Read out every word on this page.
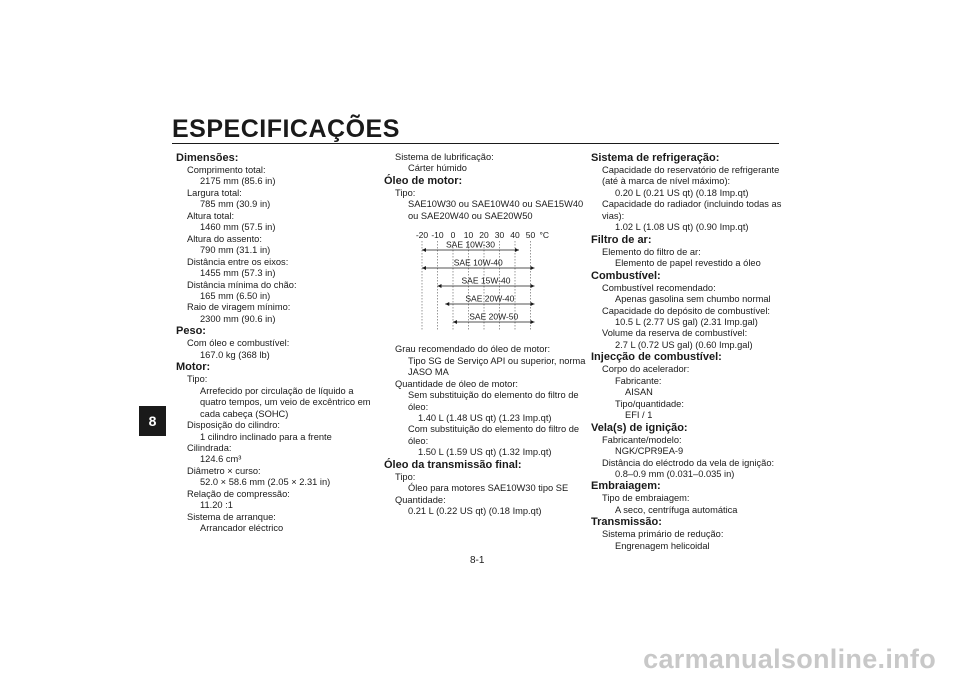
ESPECIFICAÇÕES
8
Dimensões:
Comprimento total:
2175 mm (85.6 in)
Largura total:
785 mm (30.9 in)
Altura total:
1460 mm (57.5 in)
Altura do assento:
790 mm (31.1 in)
Distância entre os eixos:
1455 mm (57.3 in)
Distância mínima do chão:
165 mm (6.50 in)
Raio de viragem mínimo:
2300 mm (90.6 in)
Peso:
Com óleo e combustível:
167.0 kg (368 lb)
Motor:
Tipo:
Arrefecido por circulação de líquido a
quatro tempos, um veio de excêntrico em
cada cabeça (SOHC)
Disposição do cilindro:
1 cilindro inclinado para a frente
Cilindrada:
124.6 cm³
Diâmetro × curso:
52.0 × 58.6 mm (2.05 × 2.31 in)
Relação de compressão:
11.20 :1
Sistema de arranque:
Arrancador eléctrico
Sistema de lubrificação:
Cárter húmido
Óleo de motor:
Tipo:
SAE10W30 ou SAE10W40 ou SAE15W40
ou SAE20W40 ou SAE20W50
-20 -10 0 10 20 30 40 50 °C
SAE 10W-30
SAE 10W-40
SAE 15W-40
SAE 20W-40
SAE 20W-50
Grau recomendado do óleo de motor:
Tipo SG de Serviço API ou superior, norma
JASO MA
Quantidade de óleo de motor:
Sem substituição do elemento do filtro de
óleo:
1.40 L (1.48 US qt) (1.23 Imp.qt)
Com substituição do elemento do filtro de
óleo:
1.50 L (1.59 US qt) (1.32 Imp.qt)
Óleo da transmissão final:
Tipo:
Óleo para motores SAE10W30 tipo SE
Quantidade:
0.21 L (0.22 US qt) (0.18 Imp.qt)
Sistema de refrigeração:
Capacidade do reservatório de refrigerante
(até à marca de nível máximo):
0.20 L (0.21 US qt) (0.18 Imp.qt)
Capacidade do radiador (incluindo todas as
vias):
1.02 L (1.08 US qt) (0.90 Imp.qt)
Filtro de ar:
Elemento do filtro de ar:
Elemento de papel revestido a óleo
Combustível:
Combustível recomendado:
Apenas gasolina sem chumbo normal
Capacidade do depósito de combustível:
10.5 L (2.77 US gal) (2.31 Imp.gal)
Volume da reserva de combustível:
2.7 L (0.72 US gal) (0.60 Imp.gal)
Injecção de combustível:
Corpo do acelerador:
Fabricante:
AISAN
Tipo/quantidade:
EFI / 1
Vela(s) de ignição:
Fabricante/modelo:
NGK/CPR9EA-9
Distância do eléctrodo da vela de ignição:
0.8–0.9 mm (0.031–0.035 in)
Embraiagem:
Tipo de embraiagem:
A seco, centrífuga automática
Transmissão:
Sistema primário de redução:
Engrenagem helicoidal
8-1
carmanualsonline.info
